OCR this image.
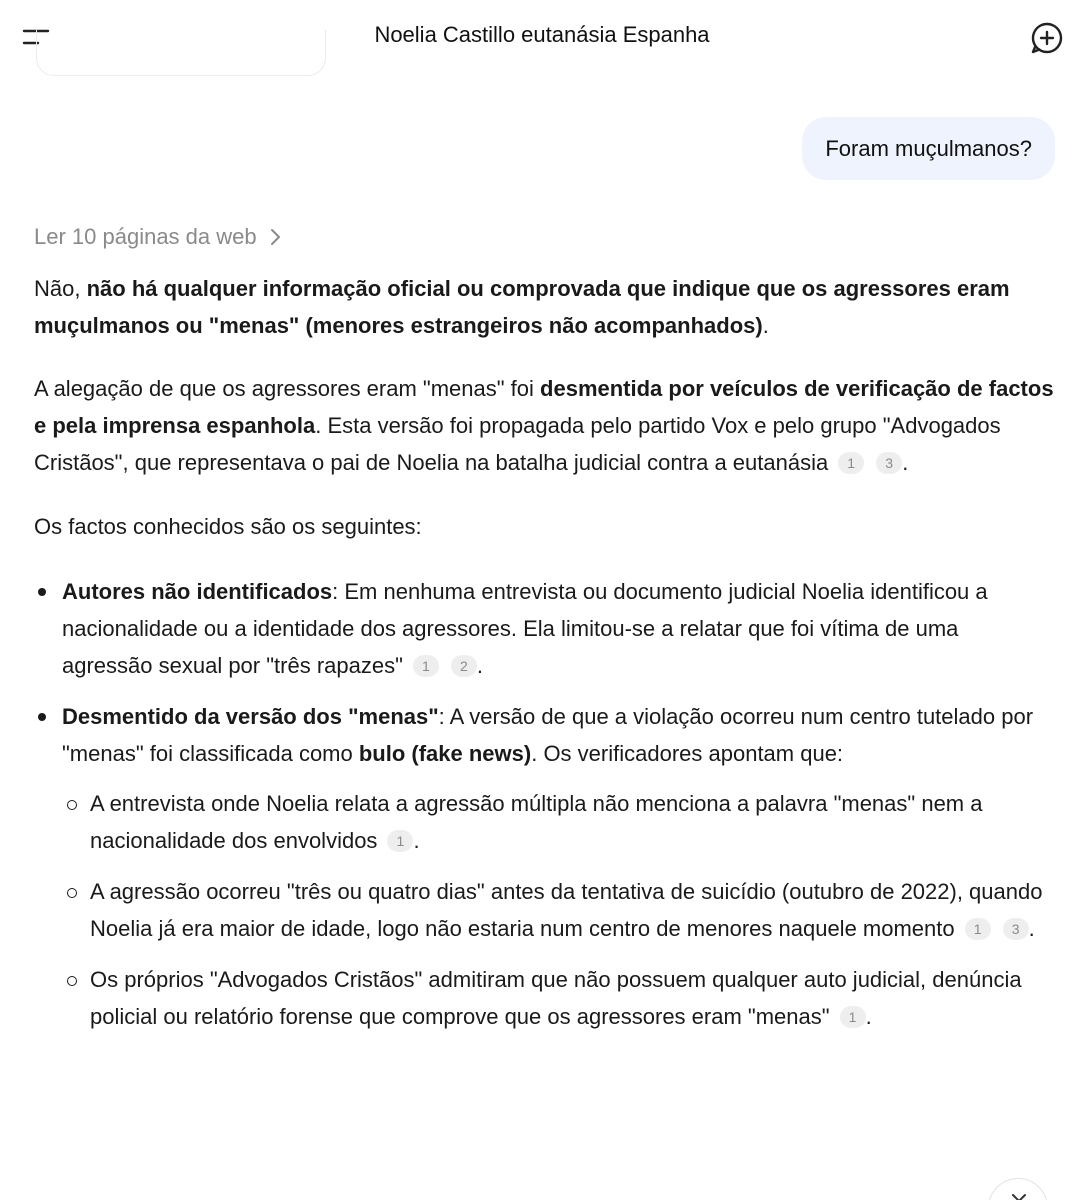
Noelia Castillo eutanásia Espanha
Foram muçulmanos?
Ler 10 páginas da web

Não, não há qualquer informação oficial ou comprovada que indique que os agressores eram muçulmanos ou "menas" (menores estrangeiros não acompanhados).

A alegação de que os agressores eram "menas" foi desmentida por veículos de verificação de factos e pela imprensa espanhola. Esta versão foi propagada pelo partido Vox e pelo grupo "Advogados Cristãos", que representava o pai de Noelia na batalha judicial contra a eutanásia 1 3 .

Os factos conhecidos são os seguintes:

Autores não identificados: Em nenhuma entrevista ou documento judicial Noelia identificou a nacionalidade ou a identidade dos agressores. Ela limitou-se a relatar que foi vítima de uma agressão sexual por "três rapazes" 1 2 .
Desmentido da versão dos "menas": A versão de que a violação ocorreu num centro tutelado por "menas" foi classificada como bulo (fake news). Os verificadores apontam que:
A entrevista onde Noelia relata a agressão múltipla não menciona a palavra "menas" nem a nacionalidade dos envolvidos 1 .
A agressão ocorreu "três ou quatro dias" antes da tentativa de suicídio (outubro de 2022), quando Noelia já era maior de idade, logo não estaria num centro de menores naquele momento 1 3 .
Os próprios "Advogados Cristãos" admitiram que não possuem qualquer auto judicial, denúncia policial ou relatório forense que comprove que os agressores eram "menas" 1 .
